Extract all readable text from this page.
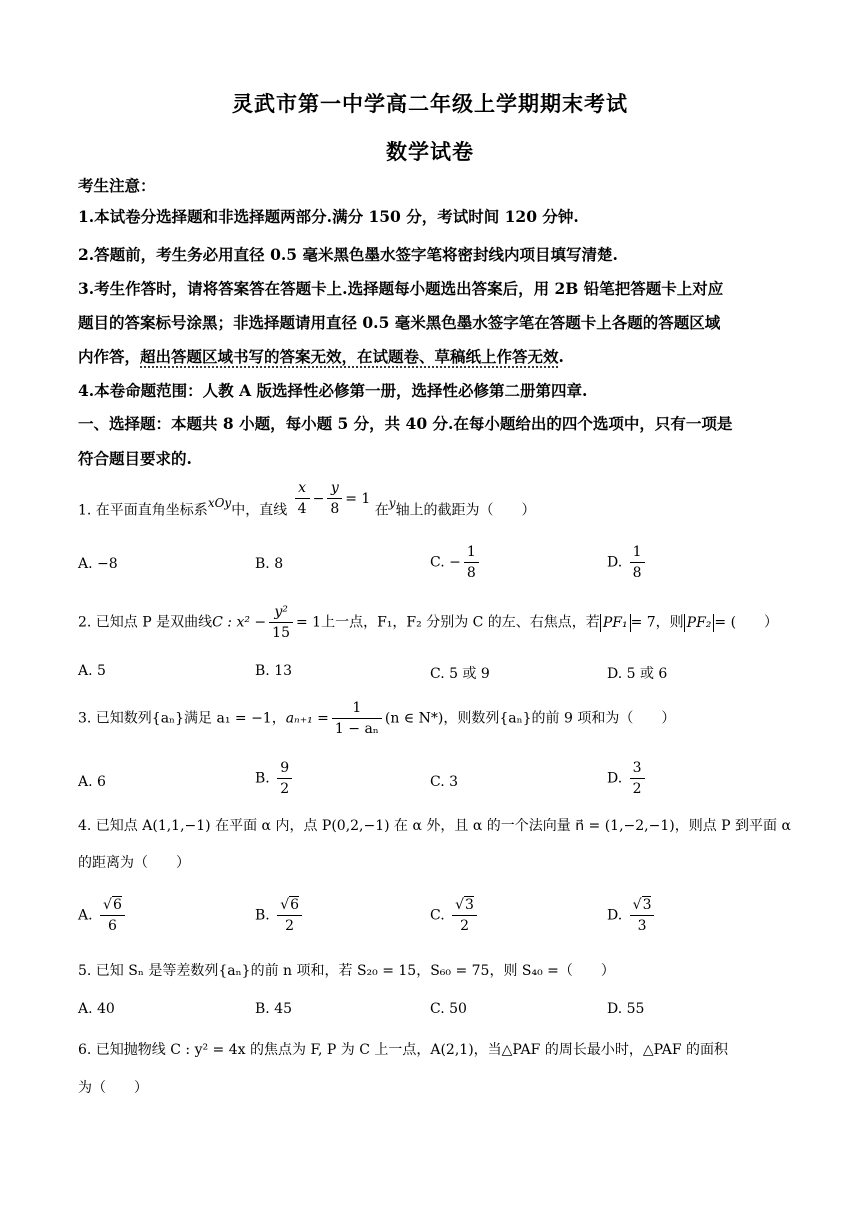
灵武市第一中学高二年级上学期期末考试
数学试卷
考生注意：
1.本试卷分选择题和非选择题两部分.满分 150 分，考试时间 120 分钟.
2.答题前，考生务必用直径 0.5 毫米黑色墨水签字笔将密封线内项目填写清楚.
3.考生作答时，请将答案答在答题卡上.选择题每小题选出答案后，用 2B 铅笔把答题卡上对应
题目的答案标号涂黑；非选择题请用直径 0.5 毫米黑色墨水签字笔在答题卡上各题的答题区域
内作答，超出答题区域书写的答案无效，在试题卷、草稿纸上作答无效.
4.本卷命题范围：人教 A 版选择性必修第一册，选择性必修第二册第四章.
一、选择题：本题共 8 小题，每小题 5 分，共 40 分.在每小题给出的四个选项中，只有一项是
符合题目要求的.
1. 在平面直角坐标系xOy中，直线 $\frac{x}{4} - \frac{y}{8} = 1$ 在y轴上的截距为（　　）
A. −8	B. 8	C. − $\frac{1}{8}$	D. $\frac{1}{8}$
2. 已知点 P 是双曲线C : $x^2 - \frac{\text{y²}}{15} = 1$上一点，F₁，F₂ 分别为 C 的左、右焦点，若 PF₁ = 7，则 PF₂ = (　　）
A. 5	B. 13	C. 5 或 9	D. 5 或 6
3. 已知数列{aₙ}满足 a₁ = −1，$a_{n+1} = \frac{1}{\text{1 − aₙ}} (n$ ∈ N*)，则数列{aₙ}的前 9 项和为（　　）
A. 6	B. $\frac{9}{2}$	C. 3	D. $\frac{3}{2}$
4. 已知点 A(1,1,−1) 在平面 α 内，点 P(0,2,−1) 在 α 外，且 α 的一个法向量 n⃗ = (1,−2,−1)，则点 P 到平面 α
的距离为（　　）
A. $\frac{√6}{6}$	B. $\frac{√6}{2}$	C. $\frac{√3}{2}$	D. $\frac{√3}{3}$
5. 已知 Sₙ 是等差数列{aₙ}的前 n 项和，若 S₂₀ = 15，S₆₀ = 75，则 S₄₀ =（　　）
A. 40	B. 45	C. 50	D. 55
6. 已知抛物线 C : y² = 4x 的焦点为 F, P 为 C 上一点，A(2,1)，当△PAF 的周长最小时，△PAF 的面积
为（　　）
